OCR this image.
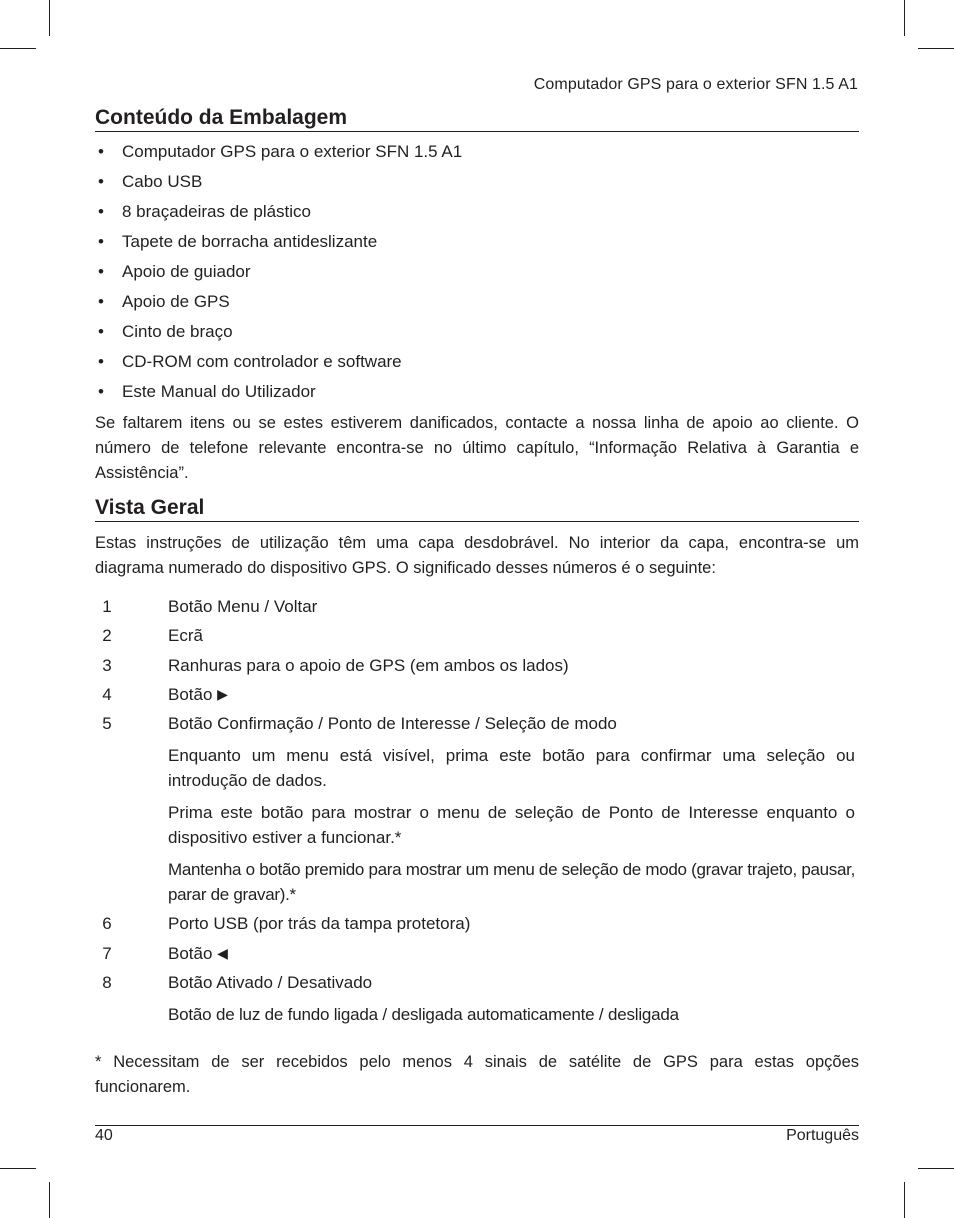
Computador GPS para o exterior SFN 1.5 A1
Conteúdo da Embalagem
• Computador GPS para o exterior SFN 1.5 A1
• Cabo USB
• 8 braçadeiras de plástico
• Tapete de borracha antideslizante
• Apoio de guiador
• Apoio de GPS
• Cinto de braço
• CD-ROM com controlador e software
• Este Manual do Utilizador

Se faltarem itens ou se estes estiverem danificados, contacte a nossa linha de apoio ao cliente. O número de telefone relevante encontra-se no último capítulo, “Informação Relativa à Garantia e Assistência”.

Vista Geral

Estas instruções de utilização têm uma capa desdobrável. No interior da capa, encontra-se um diagrama numerado do dispositivo GPS. O significado desses números é o seguinte:

1	Botão Menu / Voltar
2	Ecrã
3	Ranhuras para o apoio de GPS (em ambos os lados)
4	Botão ▶
5	Botão Confirmação / Ponto de Interesse / Seleção de modo
Enquanto um menu está visível, prima este botão para confirmar uma seleção ou introdução de dados.
Prima este botão para mostrar o menu de seleção de Ponto de Interesse enquanto o dispositivo estiver a funcionar.*
Mantenha o botão premido para mostrar um menu de seleção de modo (gravar trajeto, pausar, parar de gravar).*
6	Porto USB (por trás da tampa protetora)
7	Botão ◀
8	Botão Ativado / Desativado
Botão de luz de fundo ligada / desligada automaticamente / desligada

* Necessitam de ser recebidos pelo menos 4 sinais de satélite de GPS para estas opções funcionarem.

40	Português
